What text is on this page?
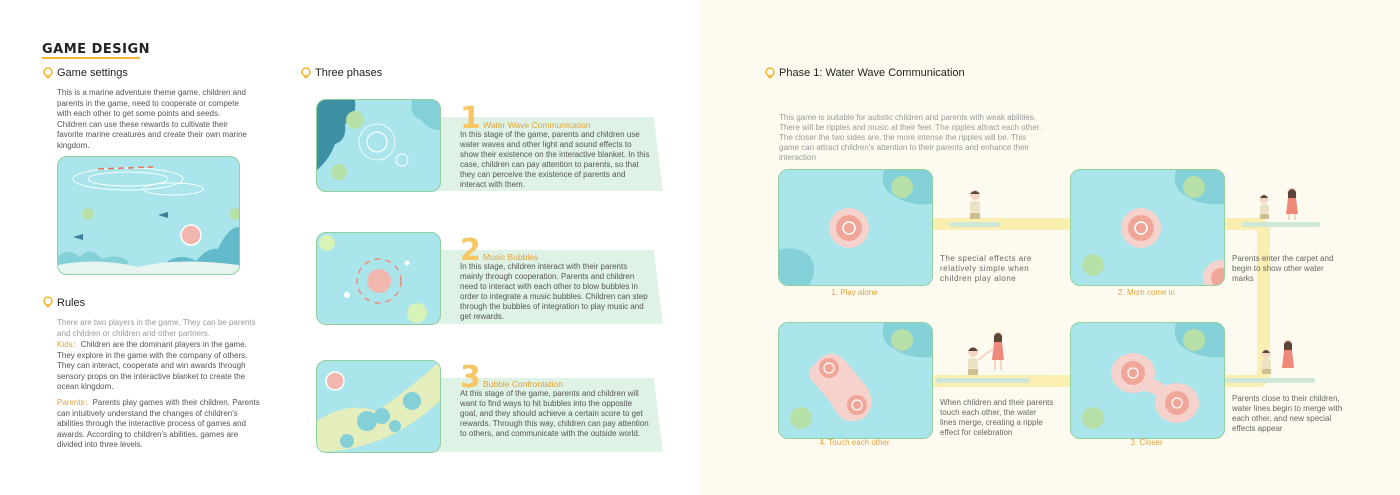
GAME DESIGN
Game settings
This is a marine adventure theme game, children and parents in the game, need to cooperate or compete with each other to get some points and seeds. Children can use these rewards to cultivate their favorite marine creatures and create their own marine kingdom.
Rules
There are two players in the game. They can be parents and children or children and other partners.
Kids：Children are the dominant players in the game. They explore in the game with the company of others. They can interact, cooperate and win awards through sensory props on the interactive blanket to create the ocean kingdom.
Parents：Parents play games with their children. Parents can intuitively understand the changes of children's abilities through the interactive process of games and awards. According to children's abilities, games are divided into three levels.
Three phases
1 Water Wave Communication
In this stage of the game, parents and children use water waves and other light and sound effects to show their existence on the interactive blanket. In this case, children can pay attention to parents, so that they can perceive the existence of parents and interact with them.
2 Music Bubbles
In this stage, children interact with their parents mainly through cooperation. Parents and children need to interact with each other to blow bubbles in order to integrate a music bubbles. Children can step through the bubbles of integration to play music and get rewards.
3 Bubble Confrontation
At this stage of the game, parents and children will want to find ways to hit bubbles into the opposite goal, and they should achieve a certain score to get rewards. Through this way, children can pay attention to others, and communicate with the outside world.
Phase 1: Water Wave Communication
This game is suitable for autistic children and parents with weak abilities. There will be ripples and music at their feet. The ripples attract each other. The closer the two sides are, the more intense the ripples will be. This game can attract children's attention to their parents and enhance their interaction
1. Play alone
The special effects are relatively simple when children play alone
2. Mom come in
Parents enter the carpet and begin to show other water marks
4. Touch each other
When children and their parents touch each other, the water lines merge, creating a ripple effect for celebration
3. Closer
Parents close to their children, water lines begin to merge with each other, and new special effects appear
